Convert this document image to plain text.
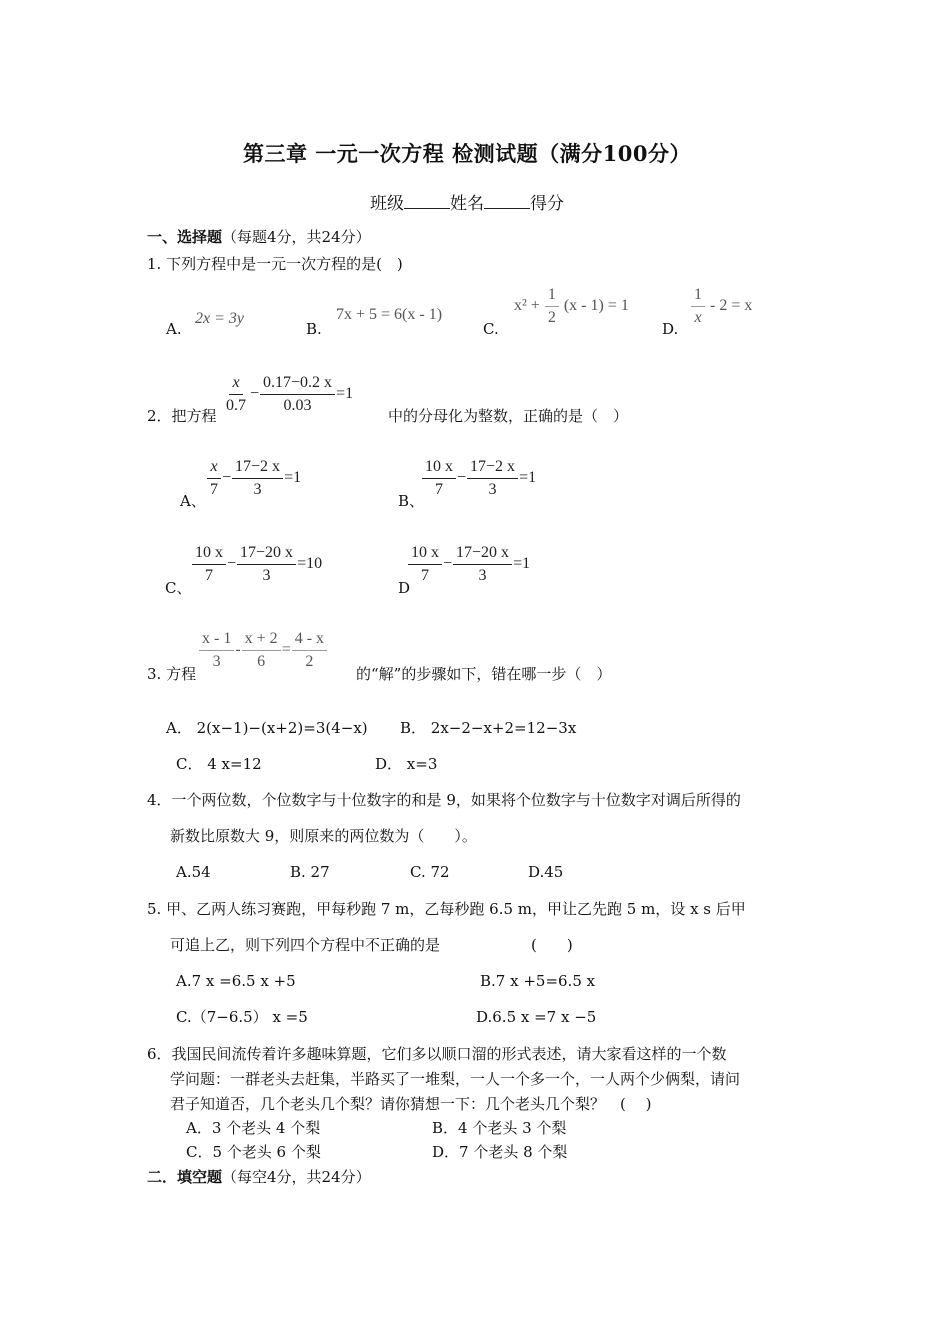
第三章 一元一次方程 检测试题（满分100分）
班级	姓名	得分
一、选择题（每题4分，共24分）
1. 下列方程中是一元一次方程的是(　)
A.
2x = 3y
B.
7x + 5 = 6(x - 1)
C.
$x^2 + \frac{1}{2} (x - 1) = 1$
D. $\frac{1}{x} - 2 = x$
2．把方程 $\frac{x}{0.7} - \frac{0.17-0.2 x}{0.03} =1$
中的分母化为整数，正确的是（　）
A、 $\frac{x}{7} - \frac{17-2 x}{3} =1$
B、
$\frac{10 x}{7} - \frac{17-2 x}{3} =1$
C、
$\frac{10 x}{7} - \frac{17-20 x}{3} =10$
D
$\frac{10 x}{7} - \frac{17-20 x}{3} =1$
3. 方程
$\frac{x - 1}{3} - \frac{x + 2}{6} = \frac{4 - x}{2}$
的“解”的步骤如下，错在哪一步（　）
A． 2(x−1)−(x+2)=3(4−x) B． 2x−2−x+2=12−3x
C． 4 x=12	D． x=3
4．一个两位数，个位数字与十位数字的和是 9，如果将个位数字与十位数字对调后所得的
新数比原数大 9，则原来的两位数为（　　）。
A.54	B. 27	C. 72	D.45
5. 甲、乙两人练习赛跑，甲每秒跑 7 m，乙每秒跑 6.5 m，甲让乙先跑 5 m，设 x s 后甲
可追上乙，则下列四个方程中不正确的是	(　　)
A.7 x =6.5 x +5	B.7 x +5=6.5 x
C.（7−6.5） x =5	D.6.5 x =7 x −5
6．我国民间流传着许多趣味算题，它们多以顺口溜的形式表述，请大家看这样的一个数
学问题：一群老头去赶集，半路买了一堆梨，一人一个多一个，一人两个少俩梨，请问
君子知道否，几个老头几个梨？请你猜想一下：几个老头几个梨？　(　 )
A．3 个老头 4 个梨	B．4 个老头 3 个梨
C．5 个老头 6 个梨	D．7 个老头 8 个梨
二．填空题（每空4分，共24分）
